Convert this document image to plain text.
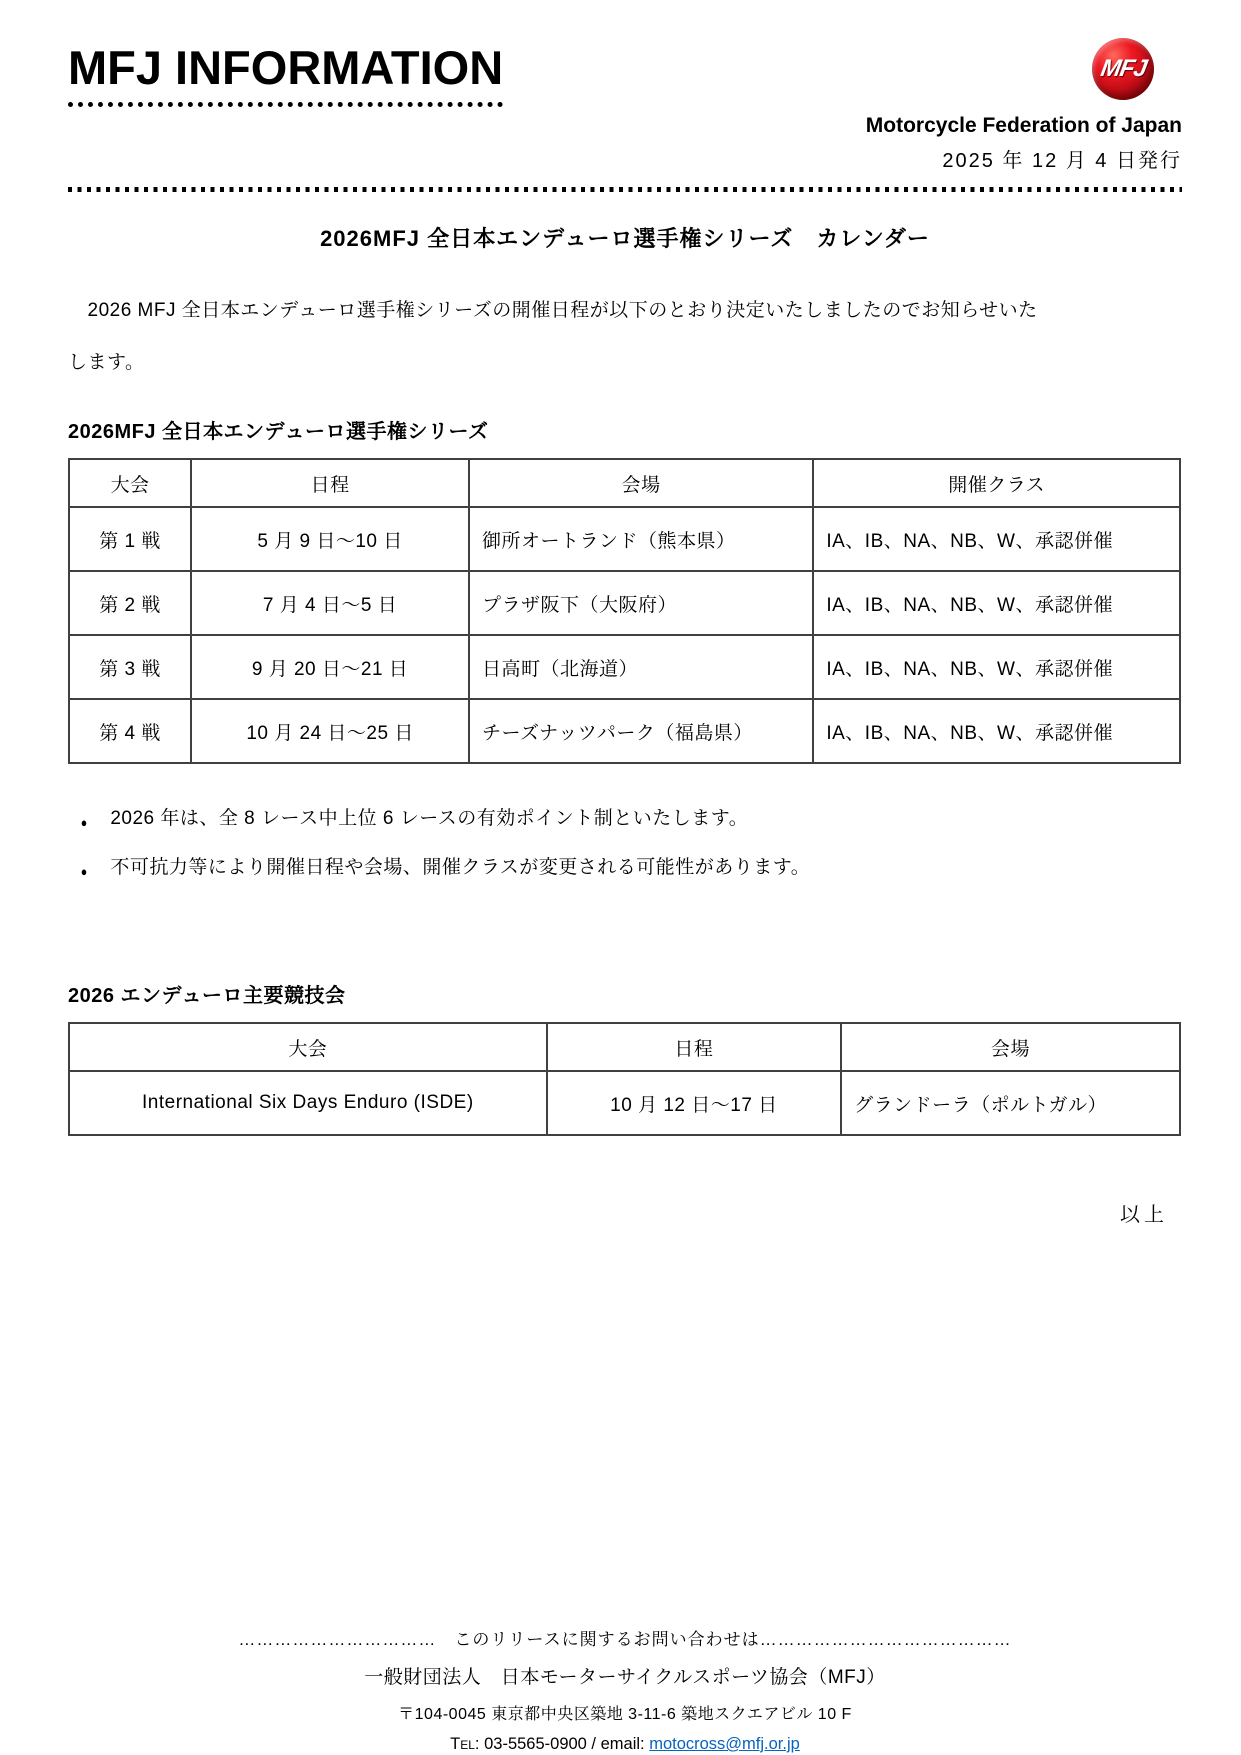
MFJ INFORMATION	MFJ
Motorcycle Federation of Japan
2025 年 12 月 4 日発行
2026MFJ 全日本エンデューロ選手権シリーズ　カレンダー
　2026 MFJ 全日本エンデューロ選手権シリーズの開催日程が以下のとおり決定いたしましたのでお知らせいた
します。
2026MFJ 全日本エンデューロ選手権シリーズ
大会	日程	会場	開催クラス
第 1 戦	5 月 9 日～10 日	御所オートランド（熊本県）	IA、IB、NA、NB、W、承認併催
第 2 戦	7 月 4 日～5 日	プラザ阪下（大阪府）	IA、IB、NA、NB、W、承認併催
第 3 戦	9 月 20 日～21 日	日高町（北海道）	IA、IB、NA、NB、W、承認併催
第 4 戦	10 月 24 日～25 日	チーズナッツパーク（福島県）	IA、IB、NA、NB、W、承認併催
● 2026 年は、全 8 レース中上位 6 レースの有効ポイント制といたします。
● 不可抗力等により開催日程や会場、開催クラスが変更される可能性があります。
2026 エンデューロ主要競技会
大会	日程	会場
International Six Days Enduro (ISDE)	10 月 12 日～17 日	グランドーラ（ポルトガル）
以上
……………………………　このリリースに関するお問い合わせは……………………………………
一般財団法人　日本モーターサイクルスポーツ協会（MFJ）
〒104-0045 東京都中央区築地 3-11-6 築地スクエアビル 10 F
Tel: 03-5565-0900 / email: motocross@mfj.or.jp
